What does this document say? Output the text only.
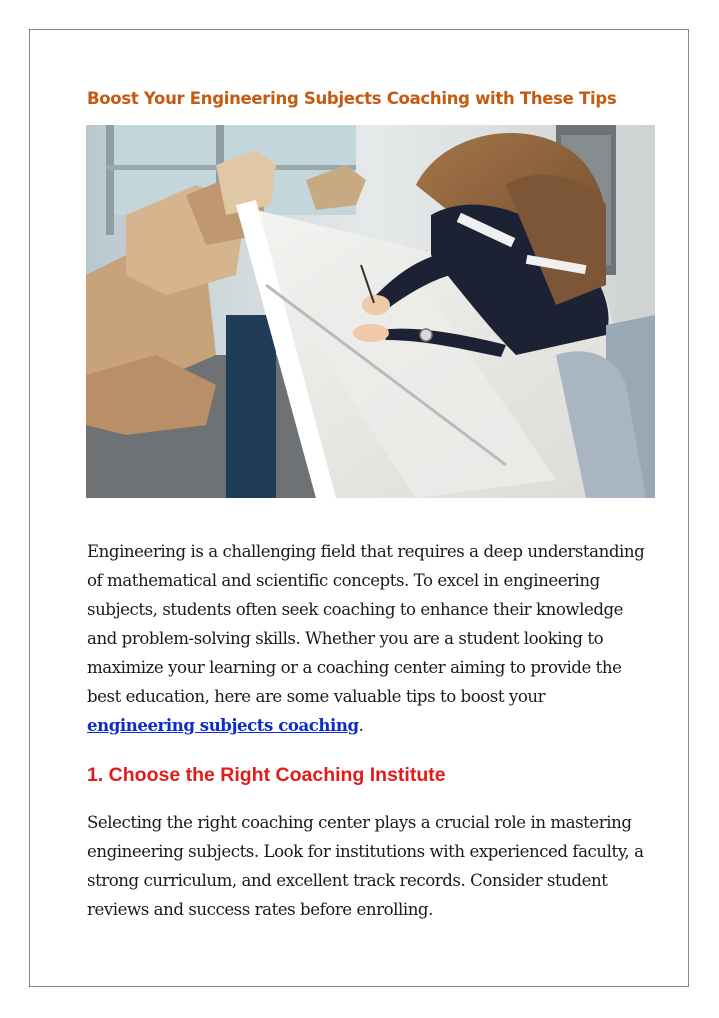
Boost Your Engineering Subjects Coaching with These Tips

Engineering is a challenging field that requires a deep understanding of mathematical and scientific concepts. To excel in engineering subjects, students often seek coaching to enhance their knowledge and problem-solving skills. Whether you are a student looking to maximize your learning or a coaching center aiming to provide the best education, here are some valuable tips to boost your engineering subjects coaching.

1. Choose the Right Coaching Institute

Selecting the right coaching center plays a crucial role in mastering engineering subjects. Look for institutions with experienced faculty, a strong curriculum, and excellent track records. Consider student reviews and success rates before enrolling.
